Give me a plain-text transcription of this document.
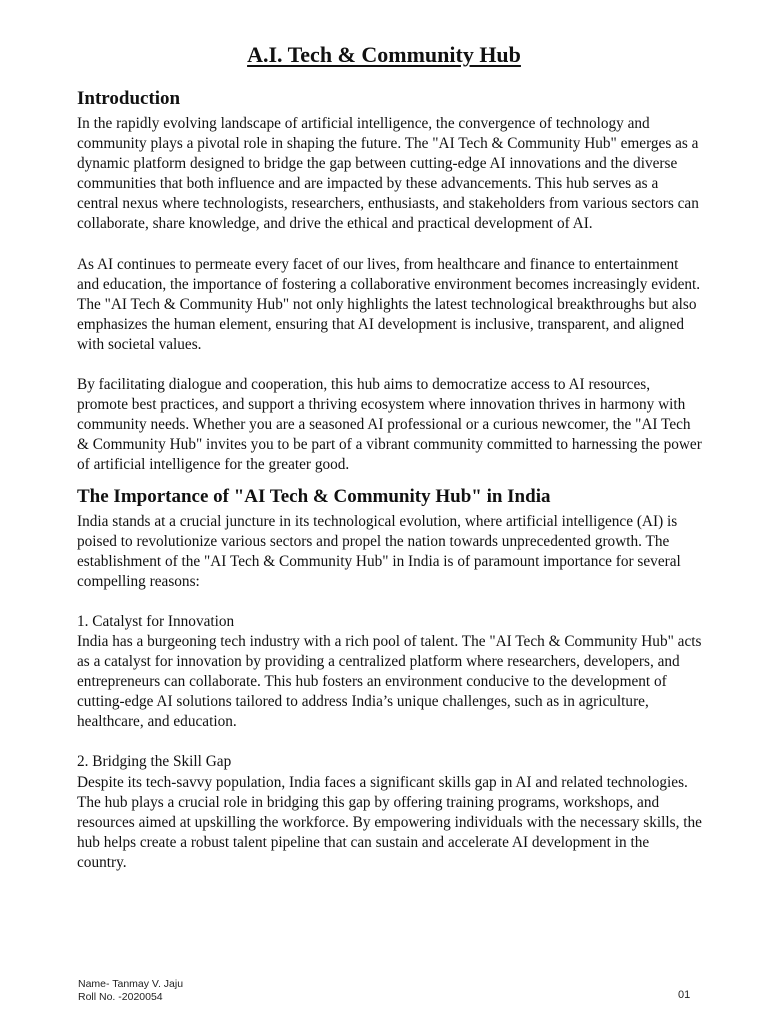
A.I. Tech & Community Hub
Introduction

In the rapidly evolving landscape of artificial intelligence, the convergence of technology and community plays a pivotal role in shaping the future. The "AI Tech & Community Hub" emerges as a dynamic platform designed to bridge the gap between cutting-edge AI innovations and the diverse communities that both influence and are impacted by these advancements. This hub serves as a central nexus where technologists, researchers, enthusiasts, and stakeholders from various sectors can collaborate, share knowledge, and drive the ethical and practical development of AI.

As AI continues to permeate every facet of our lives, from healthcare and finance to entertainment and education, the importance of fostering a collaborative environment becomes increasingly evident. The "AI Tech & Community Hub" not only highlights the latest technological breakthroughs but also emphasizes the human element, ensuring that AI development is inclusive, transparent, and aligned with societal values.

By facilitating dialogue and cooperation, this hub aims to democratize access to AI resources, promote best practices, and support a thriving ecosystem where innovation thrives in harmony with community needs. Whether you are a seasoned AI professional or a curious newcomer, the "AI Tech & Community Hub" invites you to be part of a vibrant community committed to harnessing the power of artificial intelligence for the greater good.

The Importance of "AI Tech & Community Hub" in India

India stands at a crucial juncture in its technological evolution, where artificial intelligence (AI) is poised to revolutionize various sectors and propel the nation towards unprecedented growth. The establishment of the "AI Tech & Community Hub" in India is of paramount importance for several compelling reasons:

1. Catalyst for Innovation

India has a burgeoning tech industry with a rich pool of talent. The "AI Tech & Community Hub" acts as a catalyst for innovation by providing a centralized platform where researchers, developers, and entrepreneurs can collaborate. This hub fosters an environment conducive to the development of cutting-edge AI solutions tailored to address India’s unique challenges, such as in agriculture, healthcare, and education.

2. Bridging the Skill Gap

Despite its tech-savvy population, India faces a significant skills gap in AI and related technologies. The hub plays a crucial role in bridging this gap by offering training programs, workshops, and resources aimed at upskilling the workforce. By empowering individuals with the necessary skills, the hub helps create a robust talent pipeline that can sustain and accelerate AI development in the country.

Name- Tanmay V. Jaju
Roll No. -2020054	01
